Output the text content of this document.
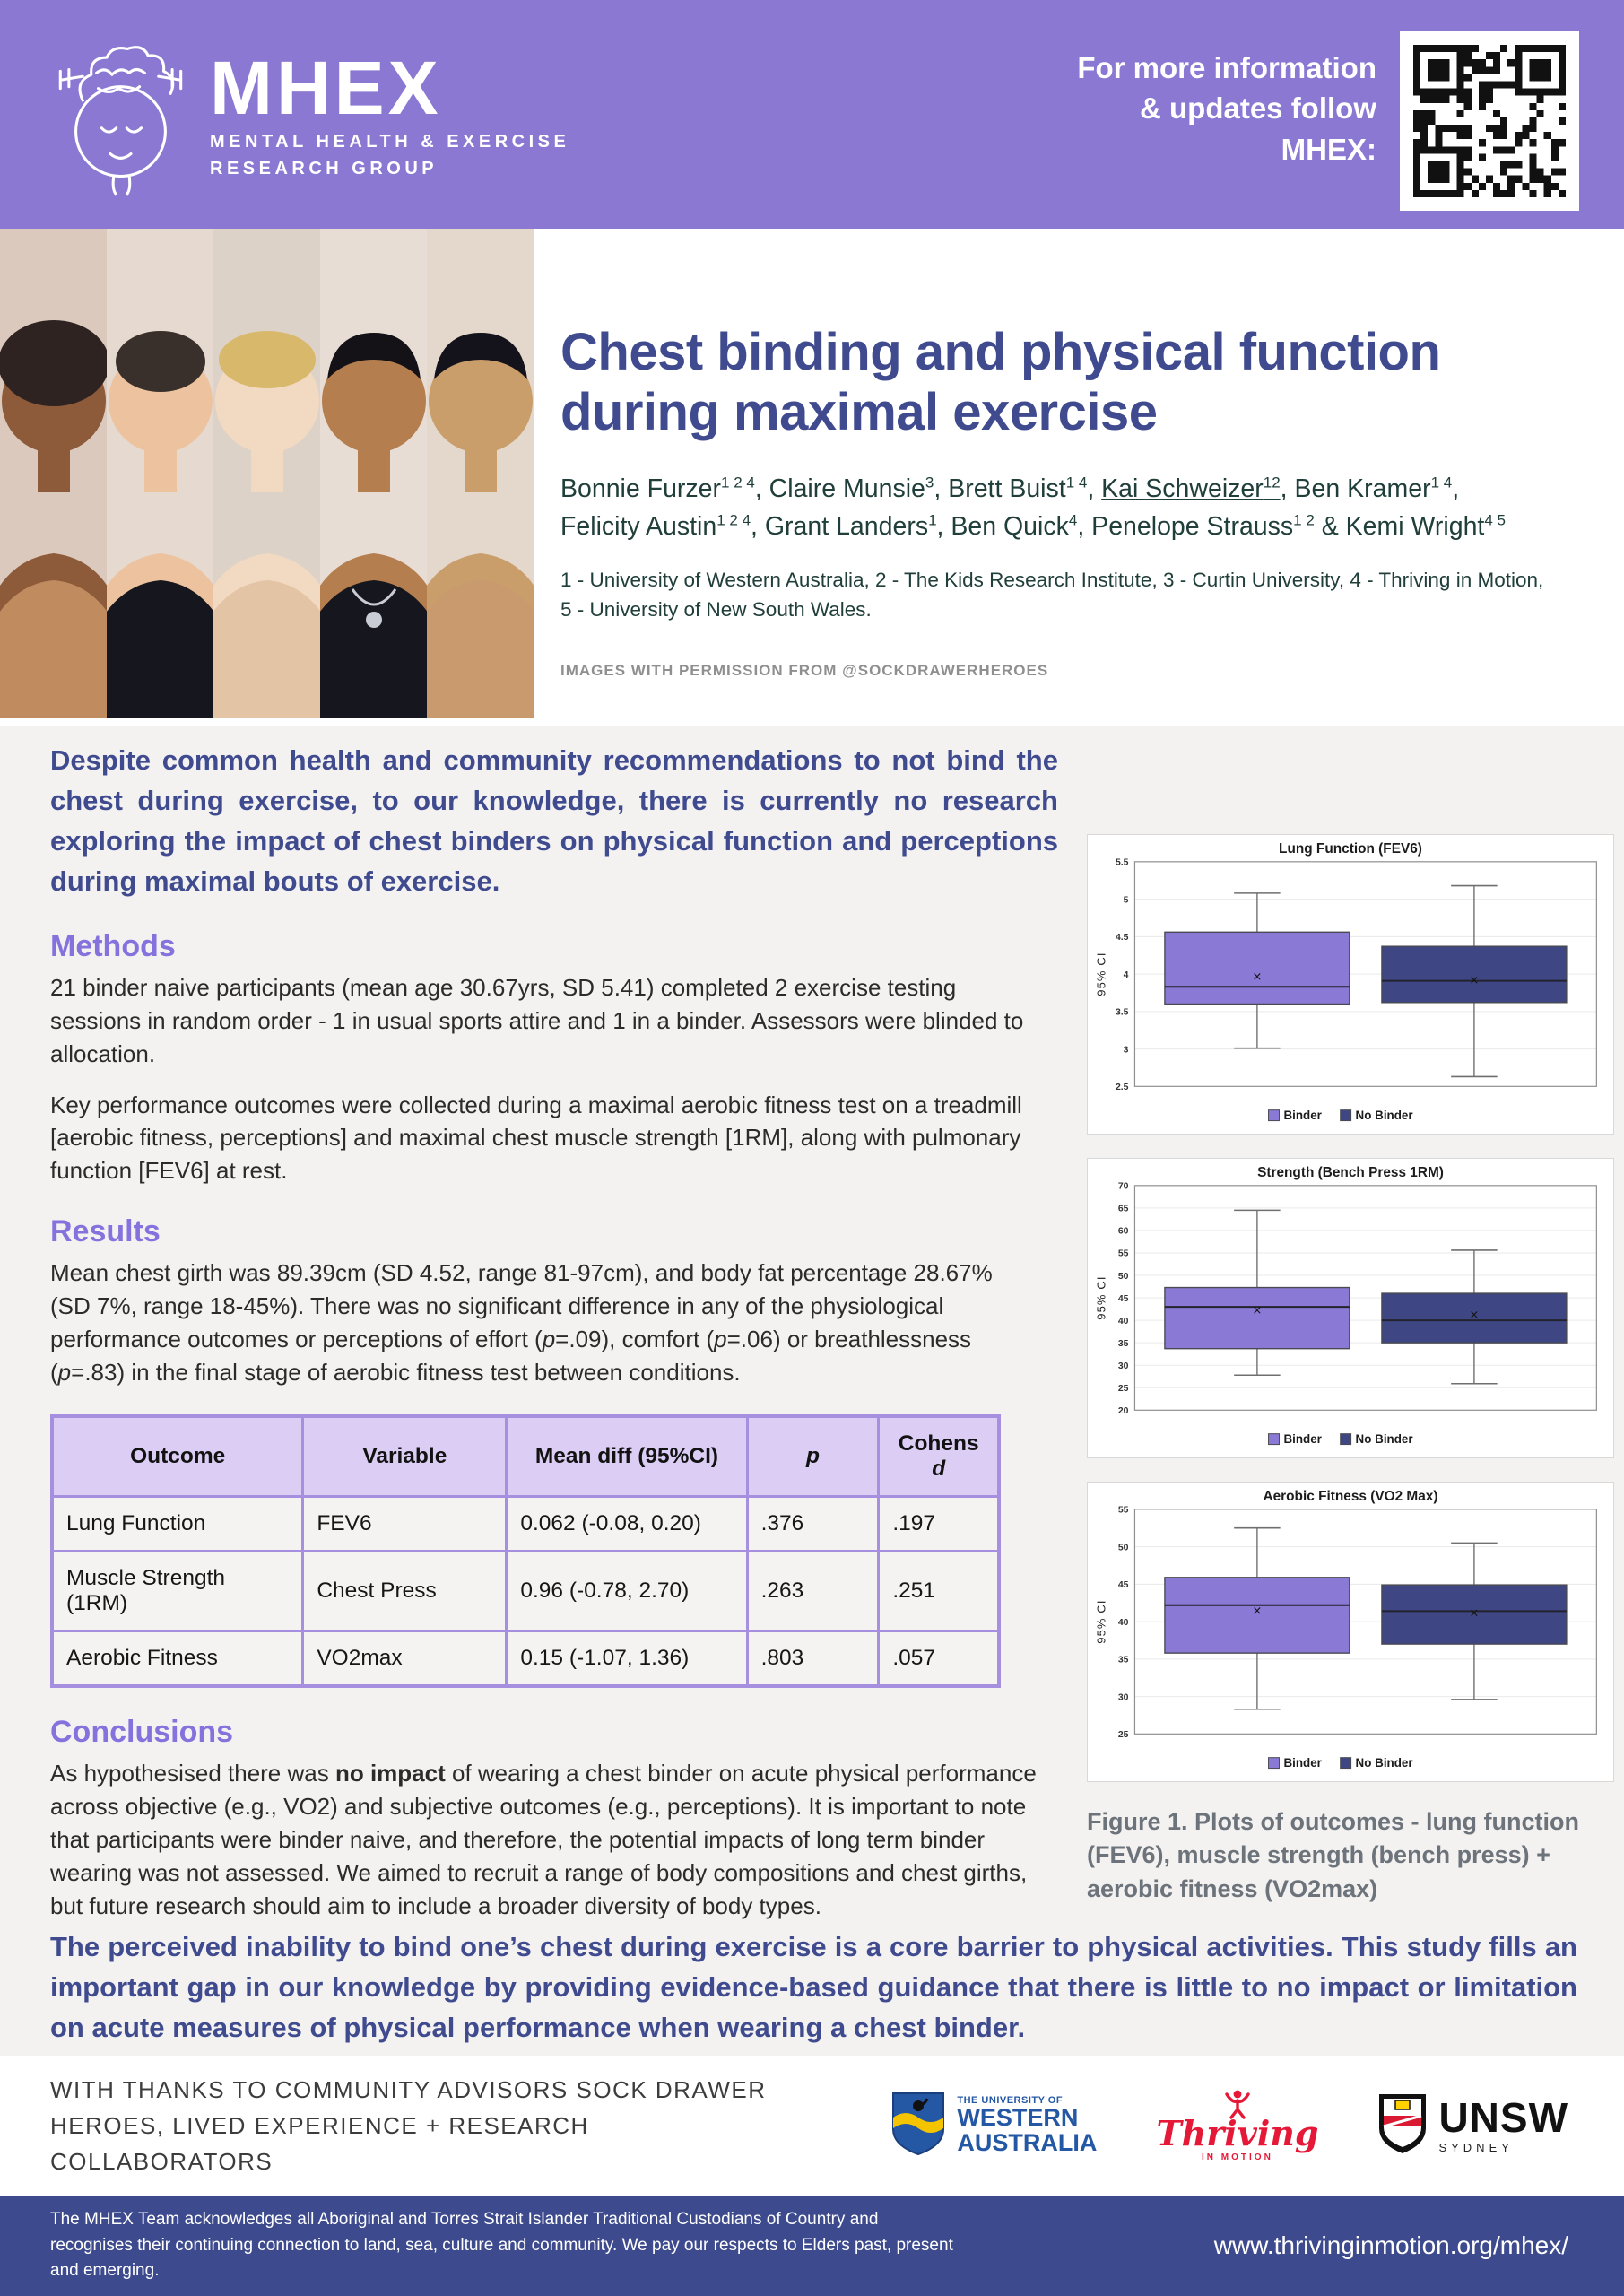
MHEX
MENTAL HEALTH & EXERCISE
RESEARCH GROUP
For more information
& updates follow
MHEX:
Chest binding and physical function during maximal exercise

Bonnie Furzer$^{1 2 4}$, Claire Munsie$^3$, Brett Buist$^{1 4}$, Kai Schweizer$^{12}$, Ben Kramer$^{1 4}$,
Felicity Austin$^{1 2 4}$, Grant Landers$^1$, Ben Quick$^4$, Penelope Strauss$^{1 2}$ & Kemi Wright$^{4 5}$

1 - University of Western Australia, 2 - The Kids Research Institute, 3 - Curtin University, 4 - Thriving in Motion,
5 - University of New South Wales.

IMAGES WITH PERMISSION FROM @SOCKDRAWERHEROES

Despite common health and community recommendations to not bind the chest during exercise, to our knowledge, there is currently no research exploring the impact of chest binders on physical function and perceptions during maximal bouts of exercise.

Methods

21 binder naive participants (mean age 30.67yrs, SD 5.41) completed 2 exercise testing sessions in random order - 1 in usual sports attire and 1 in a binder. Assessors were blinded to allocation.

Key performance outcomes were collected during a maximal aerobic fitness test on a treadmill [aerobic fitness, perceptions] and maximal chest muscle strength [1RM], along with pulmonary function [FEV6] at rest.

Results

Mean chest girth was 89.39cm (SD 4.52, range 81-97cm), and body fat percentage 28.67% (SD 7%, range 18-45%). There was no significant difference in any of the physiological performance outcomes or perceptions of effort (p=.09), comfort (p=.06) or breathlessness (p=.83) in the final stage of aerobic fitness test between conditions.

Outcome	Variable	Mean diff (95%CI)	p	Cohens d
Lung Function	FEV6	0.062 (-0.08, 0.20)	.376	.197
Muscle Strength (1RM)	Chest Press	0.96 (-0.78, 2.70)	.263	.251
Aerobic Fitness	VO2max	0.15 (-1.07, 1.36)	.803	.057
Conclusions

As hypothesised there was no impact of wearing a chest binder on acute physical performance across objective (e.g., VO2) and subjective outcomes (e.g., perceptions). It is important to note that participants were binder naive, and therefore, the potential impacts of long term binder wearing was not assessed. We aimed to recruit a range of body compositions and chest girths, but future research should aim to include a broader diversity of body types.

Lung Function (FEV6)
2.5
3
3.5
4
4.5
5
5.5
95% CI	×	×
Binder	No Binder
Strength (Bench Press 1RM)
20
25
30
35
40
45
50
55
60
65
70
95% CI	×	×
Binder	No Binder
Aerobic Fitness (VO2 Max)
25
30
35
40
45
50
55
95% CI	×	×
Binder	No Binder

Figure 1. Plots of outcomes - lung function (FEV6), muscle strength (bench press) + aerobic fitness (VO2max)

The perceived inability to bind one’s chest during exercise is a core barrier to physical activities. This study fills an important gap in our knowledge by providing evidence-based guidance that there is little to no impact or limitation on acute measures of physical performance when wearing a chest binder.

WITH THANKS TO COMMUNITY ADVISORS SOCK DRAWER HEROES, LIVED EXPERIENCE + RESEARCH COLLABORATORS

THE UNIVERSITY OF
WESTERN
AUSTRALIA Thriving
IN MOTION
UNSW
SYDNEY

The MHEX Team acknowledges all Aboriginal and Torres Strait Islander Traditional Custodians of Country and recognises their continuing connection to land, sea, culture and community. We pay our respects to Elders past, present and emerging.

www.thrivinginmotion.org/mhex/
